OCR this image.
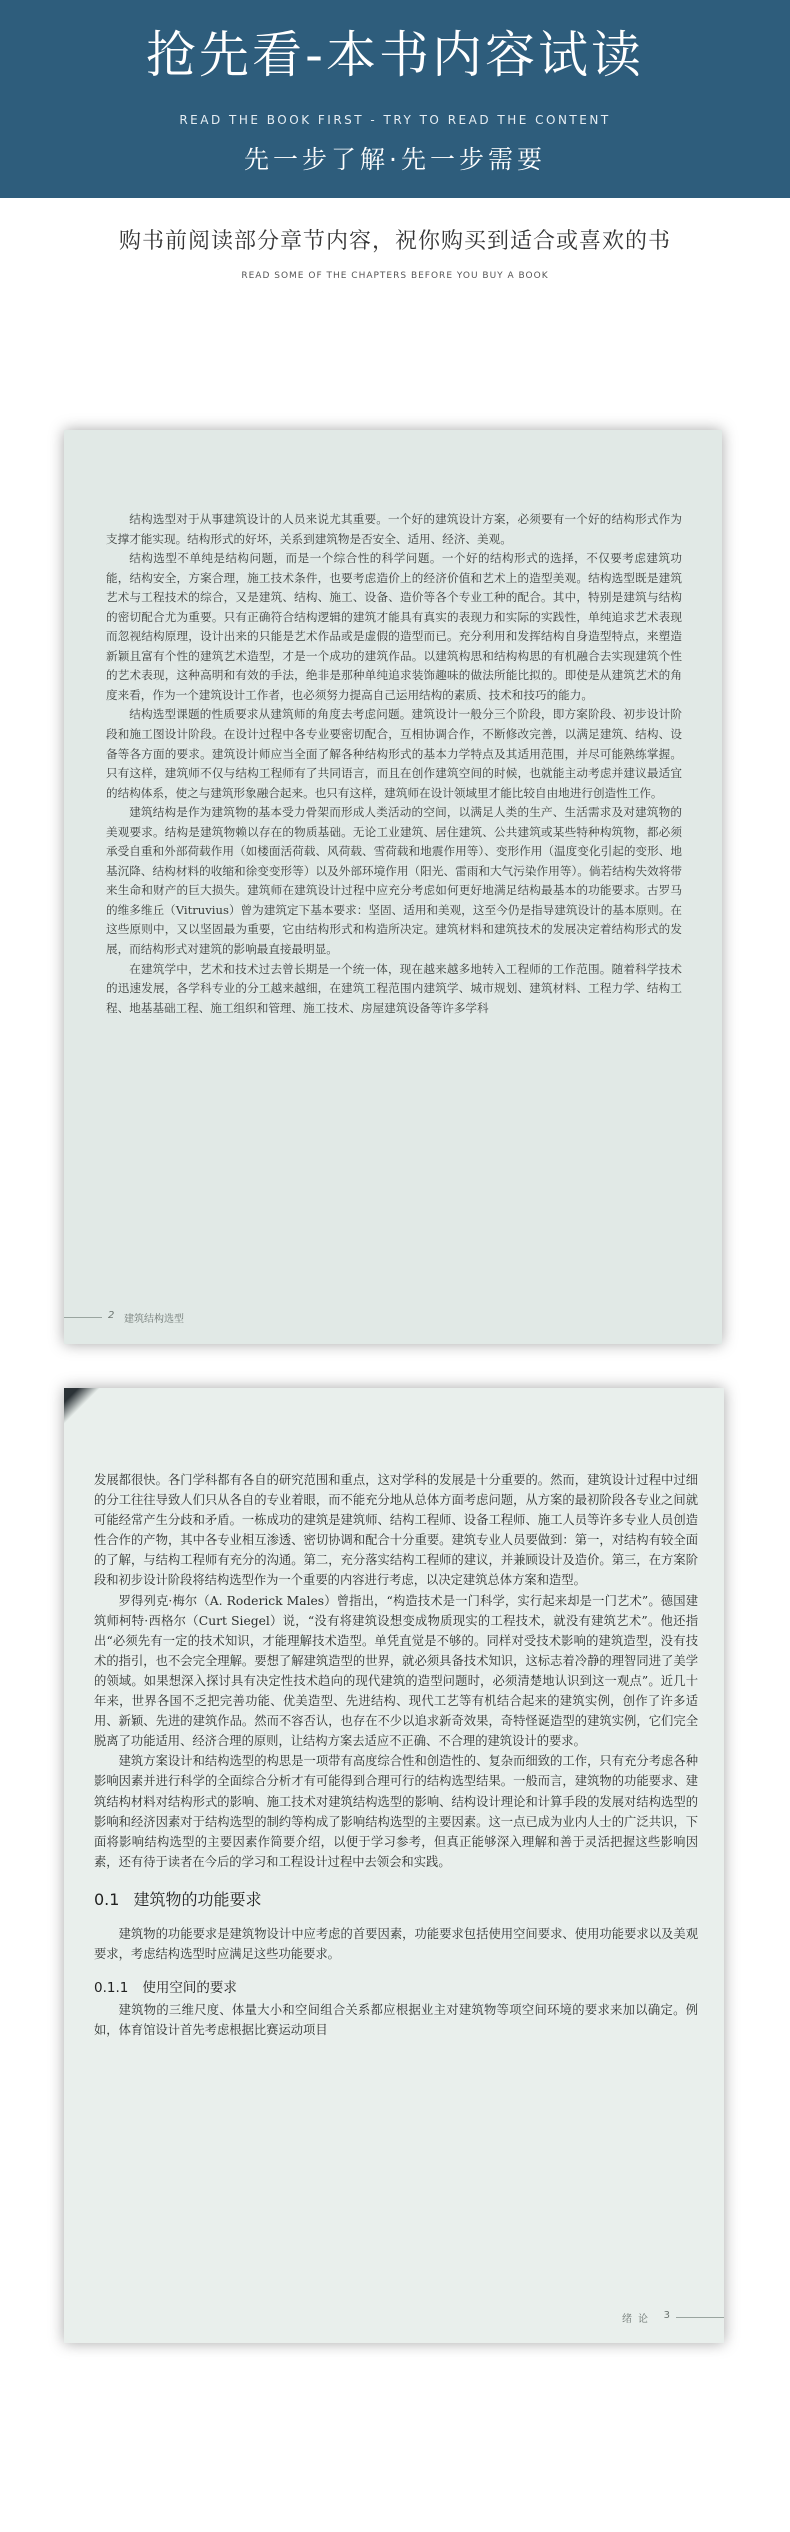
抢先看-本书内容试读
READ THE BOOK FIRST - TRY TO READ THE CONTENT
先一步了解·先一步需要
购书前阅读部分章节内容，祝你购买到适合或喜欢的书
READ SOME OF THE CHAPTERS BEFORE YOU BUY A BOOK

结构选型对于从事建筑设计的人员来说尤其重要。一个好的建筑设计方案，必须要有一个好的结构形式作为支撑才能实现。结构形式的好坏，关系到建筑物是否安全、适用、经济、美观。

结构选型不单纯是结构问题，而是一个综合性的科学问题。一个好的结构形式的选择，不仅要考虑建筑功能，结构安全，方案合理，施工技术条件，也要考虑造价上的经济价值和艺术上的造型美观。结构选型既是建筑艺术与工程技术的综合，又是建筑、结构、施工、设备、造价等各个专业工种的配合。其中，特别是建筑与结构的密切配合尤为重要。只有正确符合结构逻辑的建筑才能具有真实的表现力和实际的实践性，单纯追求艺术表现而忽视结构原理，设计出来的只能是艺术作品或是虚假的造型而已。充分利用和发挥结构自身造型特点，来塑造新颖且富有个性的建筑艺术造型，才是一个成功的建筑作品。以建筑构思和结构构思的有机融合去实现建筑个性的艺术表现，这种高明和有效的手法，绝非是那种单纯追求装饰趣味的做法所能比拟的。即使是从建筑艺术的角度来看，作为一个建筑设计工作者，也必须努力提高自己运用结构的素质、技术和技巧的能力。

结构选型课题的性质要求从建筑师的角度去考虑问题。建筑设计一般分三个阶段，即方案阶段、初步设计阶段和施工图设计阶段。在设计过程中各专业要密切配合，互相协调合作，不断修改完善，以满足建筑、结构、设备等各方面的要求。建筑设计师应当全面了解各种结构形式的基本力学特点及其适用范围，并尽可能熟练掌握。只有这样，建筑师不仅与结构工程师有了共同语言，而且在创作建筑空间的时候，也就能主动考虑并建议最适宜的结构体系，使之与建筑形象融合起来。也只有这样，建筑师在设计领域里才能比较自由地进行创造性工作。

建筑结构是作为建筑物的基本受力骨架而形成人类活动的空间，以满足人类的生产、生活需求及对建筑物的美观要求。结构是建筑物赖以存在的物质基础。无论工业建筑、居住建筑、公共建筑或某些特种构筑物，都必须承受自重和外部荷载作用（如楼面活荷载、风荷载、雪荷载和地震作用等）、变形作用（温度变化引起的变形、地基沉降、结构材料的收缩和徐变变形等）以及外部环境作用（阳光、雷雨和大气污染作用等）。倘若结构失效将带来生命和财产的巨大损失。建筑师在建筑设计过程中应充分考虑如何更好地满足结构最基本的功能要求。古罗马的维多维丘（Vitruvius）曾为建筑定下基本要求：坚固、适用和美观，这至今仍是指导建筑设计的基本原则。在这些原则中，又以坚固最为重要，它由结构形式和构造所决定。建筑材料和建筑技术的发展决定着结构形式的发展，而结构形式对建筑的影响最直接最明显。

在建筑学中，艺术和技术过去曾长期是一个统一体，现在越来越多地转入工程师的工作范围。随着科学技术的迅速发展，各学科专业的分工越来越细，在建筑工程范围内建筑学、城市规划、建筑材料、工程力学、结构工程、地基基础工程、施工组织和管理、施工技术、房屋建筑设备等许多学科

2 建筑结构选型

发展都很快。各门学科都有各自的研究范围和重点，这对学科的发展是十分重要的。然而，建筑设计过程中过细的分工往往导致人们只从各自的专业着眼，而不能充分地从总体方面考虑问题，从方案的最初阶段各专业之间就可能经常产生分歧和矛盾。一栋成功的建筑是建筑师、结构工程师、设备工程师、施工人员等许多专业人员创造性合作的产物，其中各专业相互渗透、密切协调和配合十分重要。建筑专业人员要做到：第一，对结构有较全面的了解，与结构工程师有充分的沟通。第二，充分落实结构工程师的建议，并兼顾设计及造价。第三，在方案阶段和初步设计阶段将结构选型作为一个重要的内容进行考虑，以决定建筑总体方案和造型。

罗得列克·梅尔（A. Roderick Males）曾指出，“构造技术是一门科学，实行起来却是一门艺术”。德国建筑师柯特·西格尔（Curt Siegel）说，“没有将建筑设想变成物质现实的工程技术，就没有建筑艺术”。他还指出“必须先有一定的技术知识，才能理解技术造型。单凭直觉是不够的。同样对受技术影响的建筑造型，没有技术的指引，也不会完全理解。要想了解建筑造型的世界，就必须具备技术知识，这标志着冷静的理智同进了美学的领域。如果想深入探讨具有决定性技术趋向的现代建筑的造型问题时，必须清楚地认识到这一观点”。近几十年来，世界各国不乏把完善功能、优美造型、先进结构、现代工艺等有机结合起来的建筑实例，创作了许多适用、新颖、先进的建筑作品。然而不容否认，也存在不少以追求新奇效果，奇特怪诞造型的建筑实例，它们完全脱离了功能适用、经济合理的原则，让结构方案去适应不正确、不合理的建筑设计的要求。

建筑方案设计和结构选型的构思是一项带有高度综合性和创造性的、复杂而细致的工作，只有充分考虑各种影响因素并进行科学的全面综合分析才有可能得到合理可行的结构选型结果。一般而言，建筑物的功能要求、建筑结构材料对结构形式的影响、施工技术对建筑结构选型的影响、结构设计理论和计算手段的发展对结构选型的影响和经济因素对于结构选型的制约等构成了影响结构选型的主要因素。这一点已成为业内人士的广泛共识，下面将影响结构选型的主要因素作简要介绍，以便于学习参考，但真正能够深入理解和善于灵活把握这些影响因素，还有待于读者在今后的学习和工程设计过程中去领会和实践。

0.1 建筑物的功能要求

建筑物的功能要求是建筑物设计中应考虑的首要因素，功能要求包括使用空间要求、使用功能要求以及美观要求，考虑结构选型时应满足这些功能要求。

0.1.1 使用空间的要求

建筑物的三维尺度、体量大小和空间组合关系都应根据业主对建筑物等项空间环境的要求来加以确定。例如，体育馆设计首先考虑根据比赛运动项目

绪论 3
